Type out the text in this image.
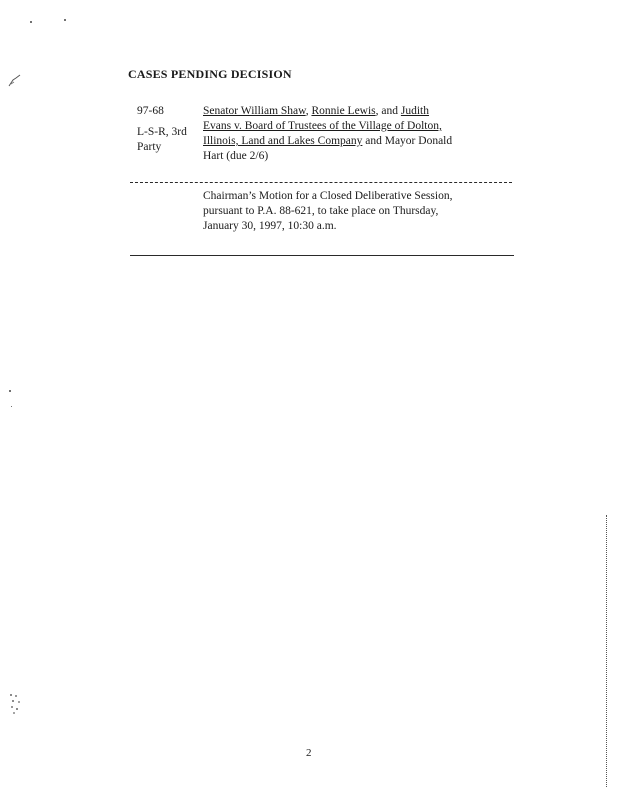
CASES PENDING DECISION
97-68
L-S-R, 3rd Party
Senator William Shaw, Ronnie Lewis, and Judith Evans v. Board of Trustees of the Village of Dolton, Illinois, Land and Lakes Company and Mayor Donald Hart (due 2/6)
Chairman’s Motion for a Closed Deliberative Session, pursuant to P.A. 88-621, to take place on Thursday, January 30, 1997, 10:30 a.m.
2
